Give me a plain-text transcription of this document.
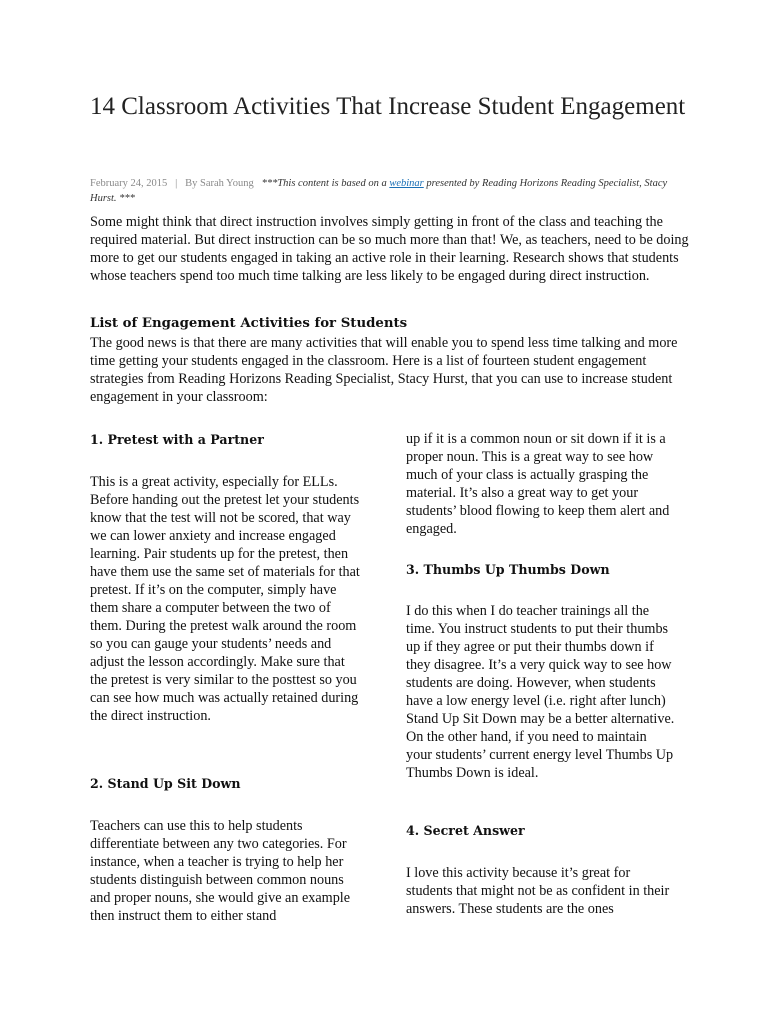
14 Classroom Activities That Increase Student Engagement
February 24, 2015 | By Sarah Young ***This content is based on a webinar presented by Reading Horizons Reading Specialist, Stacy Hurst. ***

Some might think that direct instruction involves simply getting in front of the class and teaching the required material. But direct instruction can be so much more than that! We, as teachers, need to be doing more to get our students engaged in taking an active role in their learning. Research shows that students whose teachers spend too much time talking are less likely to be engaged during direct instruction.

List of Engagement Activities for Students

The good news is that there are many activities that will enable you to spend less time talking and more time getting your students engaged in the classroom. Here is a list of fourteen student engagement strategies from Reading Horizons Reading Specialist, Stacy Hurst, that you can use to increase student engagement in your classroom:

1. Pretest with a Partner

This is a great activity, especially for ELLs. Before handing out the pretest let your students know that the test will not be scored, that way we can lower anxiety and increase engaged learning. Pair students up for the pretest, then have them use the same set of materials for that pretest. If it’s on the computer, simply have them share a computer between the two of them. During the pretest walk around the room so you can gauge your students’ needs and adjust the lesson accordingly. Make sure that the pretest is very similar to the posttest so you can see how much was actually retained during the direct instruction.

2. Stand Up Sit Down

Teachers can use this to help students differentiate between any two categories. For instance, when a teacher is trying to help her students distinguish between common nouns and proper nouns, she would give an example then instruct them to either stand

up if it is a common noun or sit down if it is a proper noun. This is a great way to see how much of your class is actually grasping the material. It’s also a great way to get your students’ blood flowing to keep them alert and engaged.

3. Thumbs Up Thumbs Down

I do this when I do teacher trainings all the time. You instruct students to put their thumbs up if they agree or put their thumbs down if they disagree. It’s a very quick way to see how students are doing. However, when students have a low energy level (i.e. right after lunch) Stand Up Sit Down may be a better alternative. On the other hand, if you need to maintain your students’ current energy level Thumbs Up Thumbs Down is ideal.

4. Secret Answer

I love this activity because it’s great for students that might not be as confident in their answers. These students are the ones
